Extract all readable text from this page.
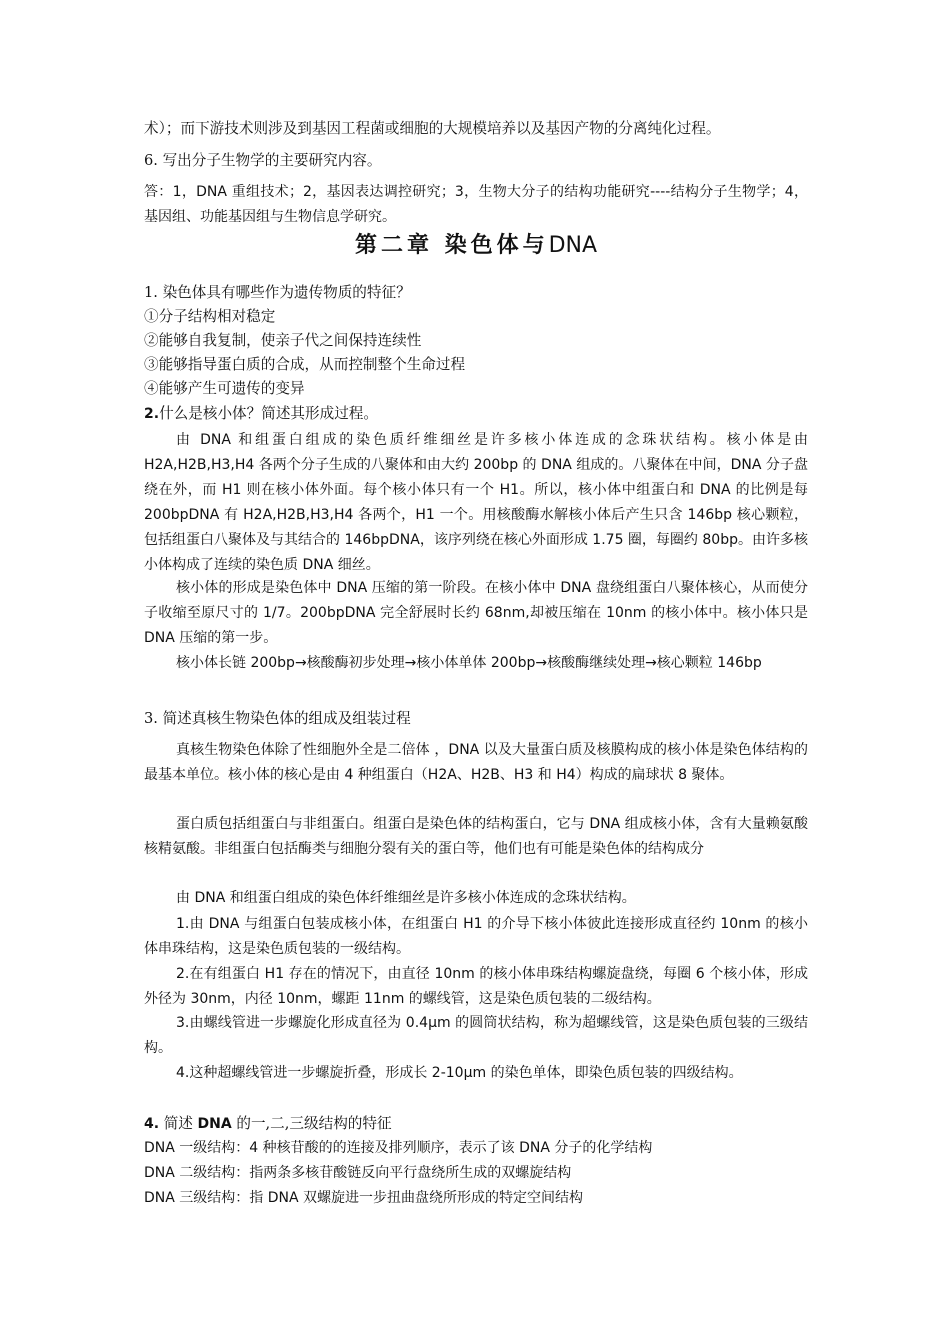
术）；而下游技术则涉及到基因工程菌或细胞的大规模培养以及基因产物的分离纯化过程。

6. 写出分子生物学的主要研究内容。

答：1，DNA 重组技术；2，基因表达调控研究；3，生物大分子的结构功能研究----结构分子生物学；4，基因组、功能基因组与生物信息学研究。

第二章 染色体与DNA

1. 染色体具有哪些作为遗传物质的特征？

①分子结构相对稳定

②能够自我复制，使亲子代之间保持连续性

③能够指导蛋白质的合成，从而控制整个生命过程

④能够产生可遗传的变异

2.什么是核小体？简述其形成过程。

由 DNA 和组蛋白组成的染色质纤维细丝是许多核小体连成的念珠状结构。核小体是由 H2A,H2B,H3,H4 各两个分子生成的八聚体和由大约 200bp 的 DNA 组成的。八聚体在中间，DNA 分子盘绕在外，而 H1 则在核小体外面。每个核小体只有一个 H1。所以，核小体中组蛋白和 DNA 的比例是每 200bpDNA 有 H2A,H2B,H3,H4 各两个，H1 一个。用核酸酶水解核小体后产生只含 146bp 核心颗粒，包括组蛋白八聚体及与其结合的 146bpDNA，该序列绕在核心外面形成 1.75 圈，每圈约 80bp。由许多核小体构成了连续的染色质 DNA 细丝。

核小体的形成是染色体中 DNA 压缩的第一阶段。在核小体中 DNA 盘绕组蛋白八聚体核心，从而使分子收缩至原尺寸的 1/7。200bpDNA 完全舒展时长约 68nm,却被压缩在 10nm 的核小体中。核小体只是 DNA 压缩的第一步。

核小体长链 200bp→核酸酶初步处理→核小体单体 200bp→核酸酶继续处理→核心颗粒 146bp

3. 简述真核生物染色体的组成及组装过程

真核生物染色体除了性细胞外全是二倍体 ，DNA 以及大量蛋白质及核膜构成的核小体是染色体结构的最基本单位。核小体的核心是由 4 种组蛋白（H2A、H2B、H3 和 H4）构成的扁球状 8 聚体。

蛋白质包括组蛋白与非组蛋白。组蛋白是染色体的结构蛋白，它与 DNA 组成核小体，含有大量赖氨酸核精氨酸。非组蛋白包括酶类与细胞分裂有关的蛋白等，他们也有可能是染色体的结构成分

由 DNA 和组蛋白组成的染色体纤维细丝是许多核小体连成的念珠状结构。

1.由 DNA 与组蛋白包装成核小体，在组蛋白 H1 的介导下核小体彼此连接形成直径约 10nm 的核小体串珠结构，这是染色质包装的一级结构。

2.在有组蛋白 H1 存在的情况下，由直径 10nm 的核小体串珠结构螺旋盘绕，每圈 6 个核小体，形成外径为 30nm，内径 10nm，螺距 11nm 的螺线管，这是染色质包装的二级结构。

3.由螺线管进一步螺旋化形成直径为 0.4μm 的圆筒状结构，称为超螺线管，这是染色质包装的三级结构。

4.这种超螺线管进一步螺旋折叠，形成长 2-10μm 的染色单体，即染色质包装的四级结构。

4. 简述 DNA 的一,二,三级结构的特征

DNA 一级结构：4 种核苷酸的的连接及排列顺序，表示了该 DNA 分子的化学结构

DNA 二级结构：指两条多核苷酸链反向平行盘绕所生成的双螺旋结构

DNA 三级结构：指 DNA 双螺旋进一步扭曲盘绕所形成的特定空间结构
